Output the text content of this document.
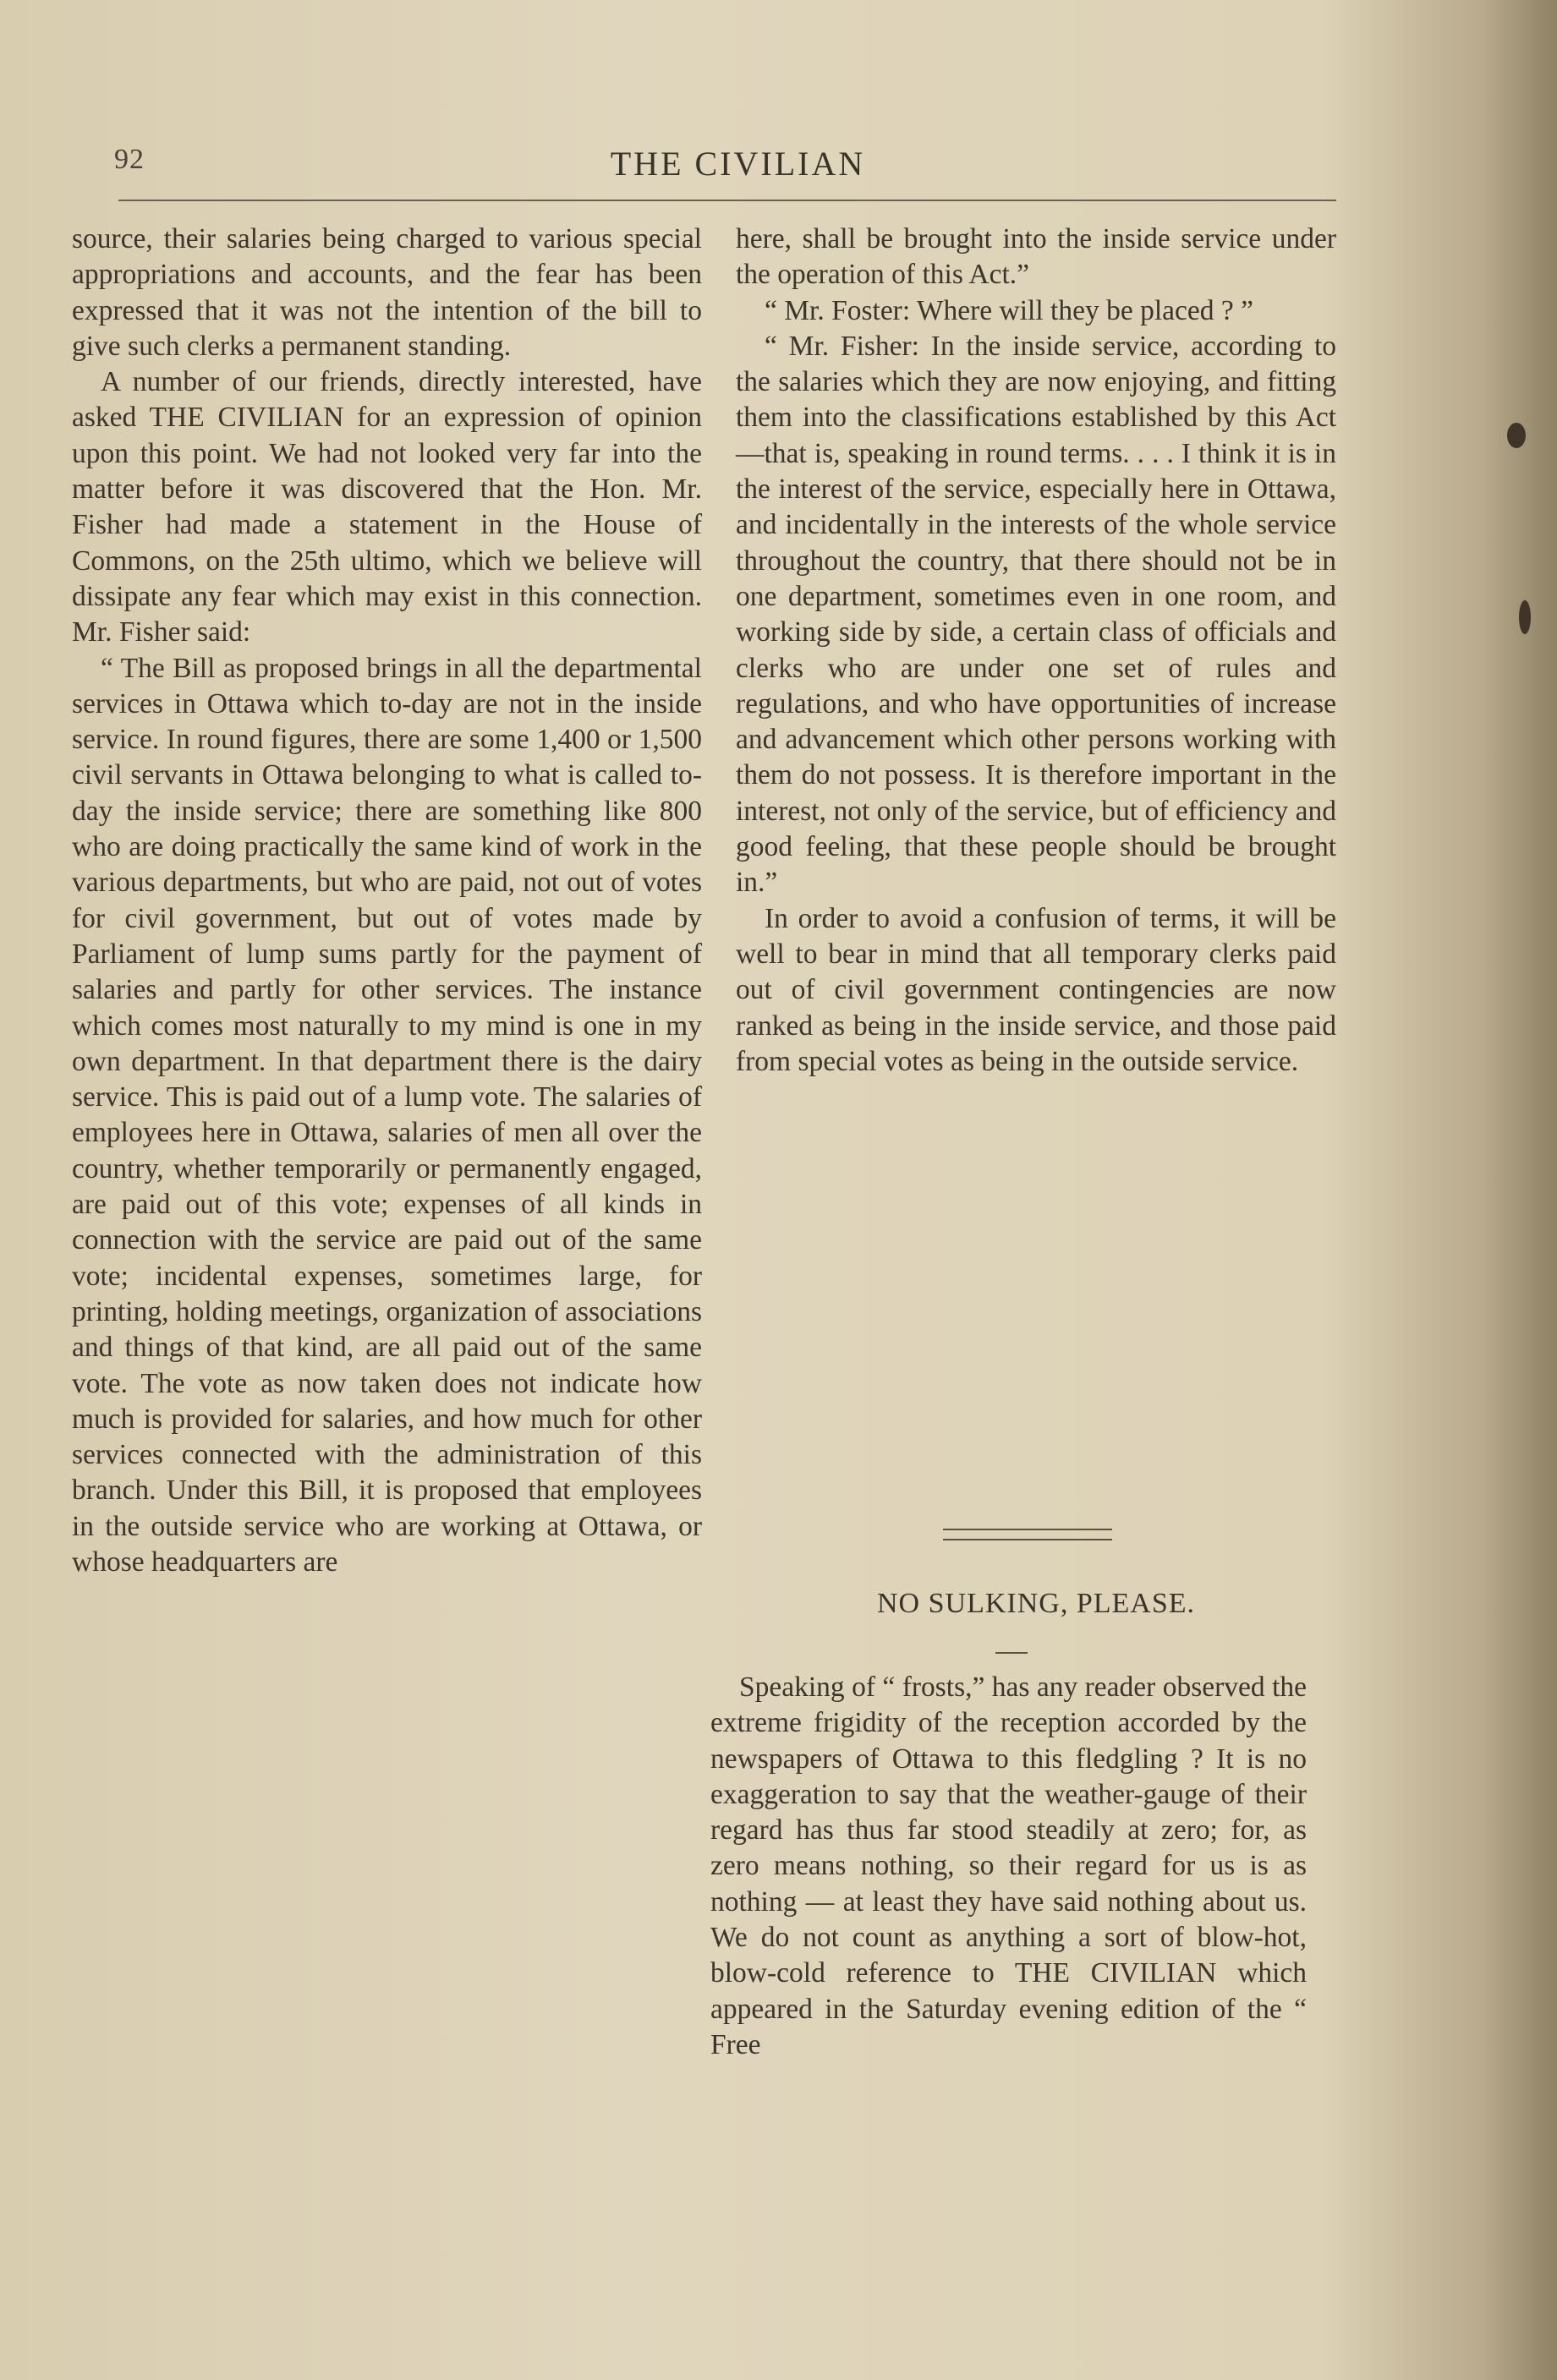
92	THE CIVILIAN

source, their salaries being charged to various special appropriations and accounts, and the fear has been expressed that it was not the intention of the bill to give such clerks a permanent standing.

A number of our friends, directly interested, have asked THE CIVILIAN for an expression of opinion upon this point. We had not looked very far into the matter before it was discovered that the Hon. Mr. Fisher had made a statement in the House of Commons, on the 25th ultimo, which we believe will dissipate any fear which may exist in this connection. Mr. Fisher said:

“ The Bill as proposed brings in all the departmental services in Ottawa which to-day are not in the inside service. In round figures, there are some 1,400 or 1,500 civil servants in Ottawa belonging to what is called to-day the inside service; there are something like 800 who are doing practically the same kind of work in the various departments, but who are paid, not out of votes for civil government, but out of votes made by Parliament of lump sums partly for the payment of salaries and partly for other services. The instance which comes most naturally to my mind is one in my own department. In that department there is the dairy service. This is paid out of a lump vote. The salaries of employees here in Ottawa, salaries of men all over the country, whether temporarily or permanently engaged, are paid out of this vote; expenses of all kinds in connection with the service are paid out of the same vote; incidental expenses, sometimes large, for printing, holding meetings, organization of associations and things of that kind, are all paid out of the same vote. The vote as now taken does not indicate how much is provided for salaries, and how much for other services connected with the administration of this branch. Under this Bill, it is proposed that employees in the outside service who are working at Ottawa, or whose headquarters are

here, shall be brought into the inside service under the operation of this Act.”

“ Mr. Foster: Where will they be placed ? ”

“ Mr. Fisher: In the inside service, according to the salaries which they are now enjoying, and fitting them into the classifications established by this Act—that is, speaking in round terms. . . . I think it is in the interest of the service, especially here in Ottawa, and incidentally in the interests of the whole service throughout the country, that there should not be in one department, sometimes even in one room, and working side by side, a certain class of officials and clerks who are under one set of rules and regulations, and who have opportunities of increase and advancement which other persons working with them do not possess. It is therefore important in the interest, not only of the service, but of efficiency and good feeling, that these people should be brought in.”

In order to avoid a confusion of terms, it will be well to bear in mind that all temporary clerks paid out of civil government contingencies are now ranked as being in the inside service, and those paid from special votes as being in the outside service.

NO SULKING, PLEASE.

Speaking of “ frosts,” has any reader observed the extreme frigidity of the reception accorded by the newspapers of Ottawa to this fledgling ? It is no exaggeration to say that the weather-gauge of their regard has thus far stood steadily at zero; for, as zero means nothing, so their regard for us is as nothing — at least they have said nothing about us. We do not count as anything a sort of blow-hot, blow-cold reference to THE CIVILIAN which appeared in the Saturday evening edition of the “ Free
